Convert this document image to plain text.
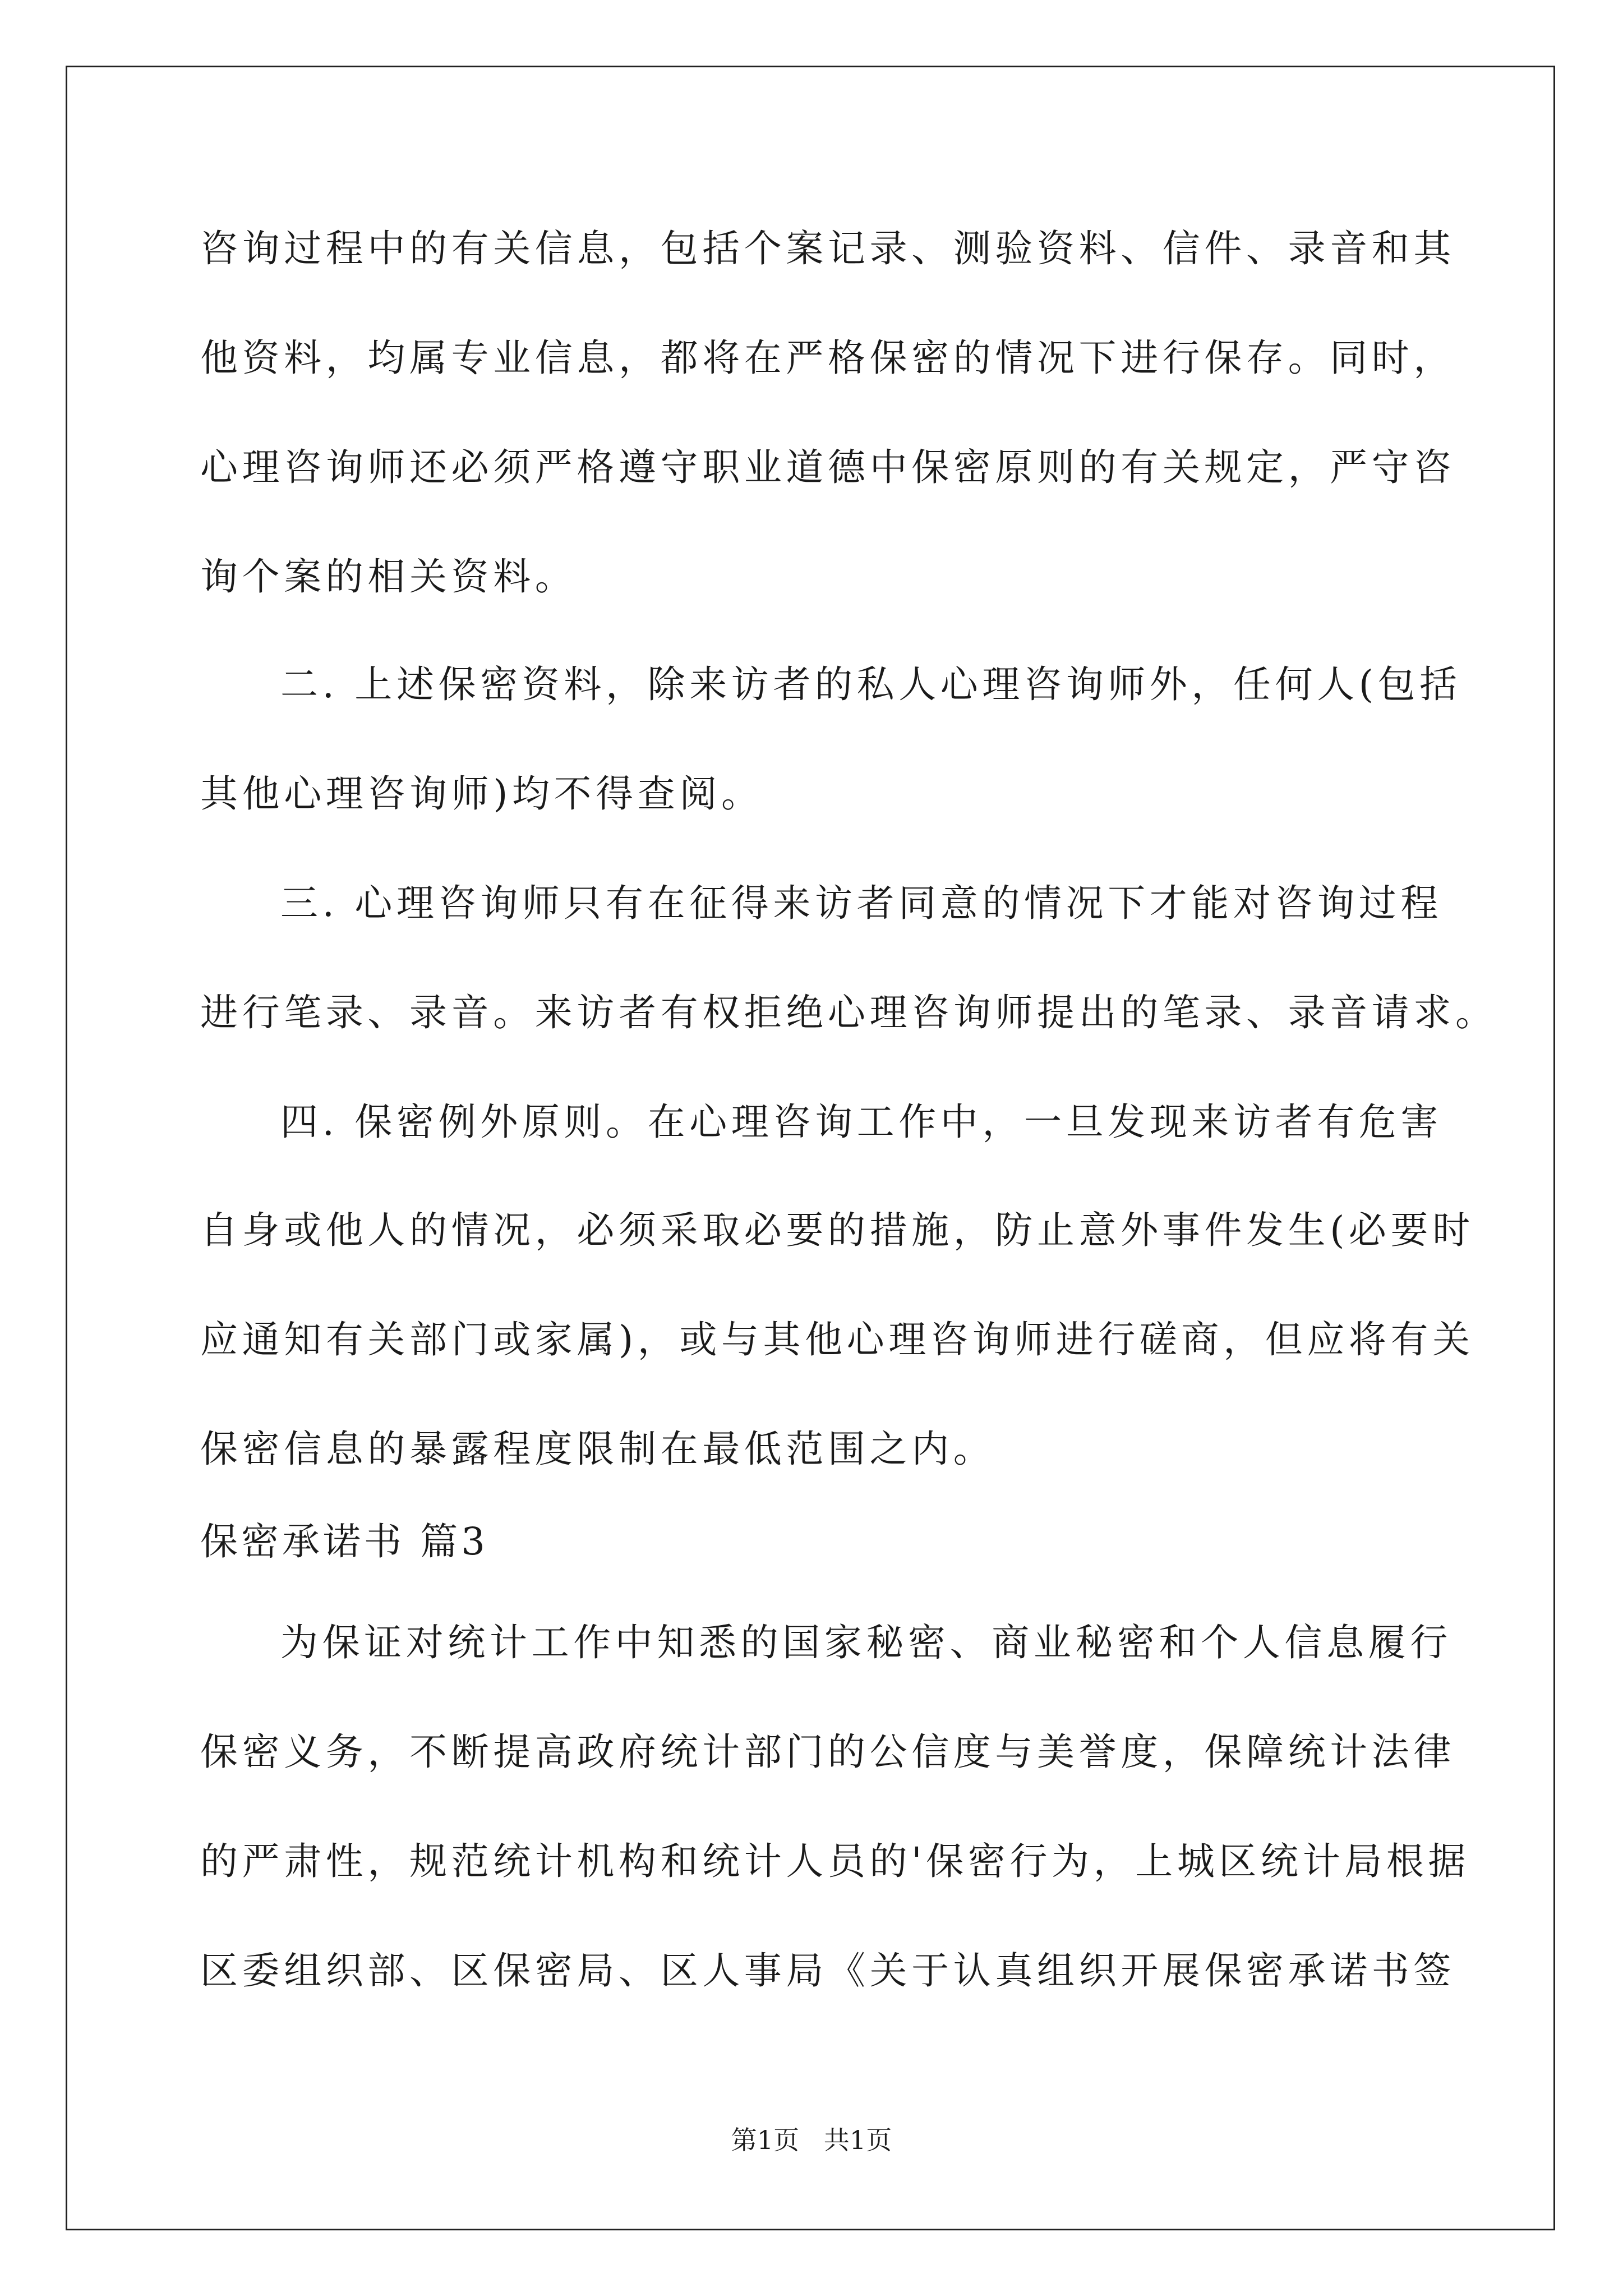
咨询过程中的有关信息，包括个案记录、测验资料、信件、录音和其
他资料，均属专业信息，都将在严格保密的情况下进行保存。同时，
心理咨询师还必须严格遵守职业道德中保密原则的有关规定，严守咨
询个案的相关资料。
二. 上述保密资料，除来访者的私人心理咨询师外，任何人(包括
其他心理咨询师)均不得查阅。
三. 心理咨询师只有在征得来访者同意的情况下才能对咨询过程
进行笔录、录音。来访者有权拒绝心理咨询师提出的笔录、录音请求。
四. 保密例外原则。在心理咨询工作中，一旦发现来访者有危害
自身或他人的情况，必须采取必要的措施，防止意外事件发生(必要时
应通知有关部门或家属)，或与其他心理咨询师进行磋商，但应将有关
保密信息的暴露程度限制在最低范围之内。
保密承诺书 篇3
为保证对统计工作中知悉的国家秘密、商业秘密和个人信息履行
保密义务，不断提高政府统计部门的公信度与美誉度，保障统计法律
的严肃性，规范统计机构和统计人员的'保密行为，上城区统计局根据
区委组织部、区保密局、区人事局《关于认真组织开展保密承诺书签
第1页   共1页
